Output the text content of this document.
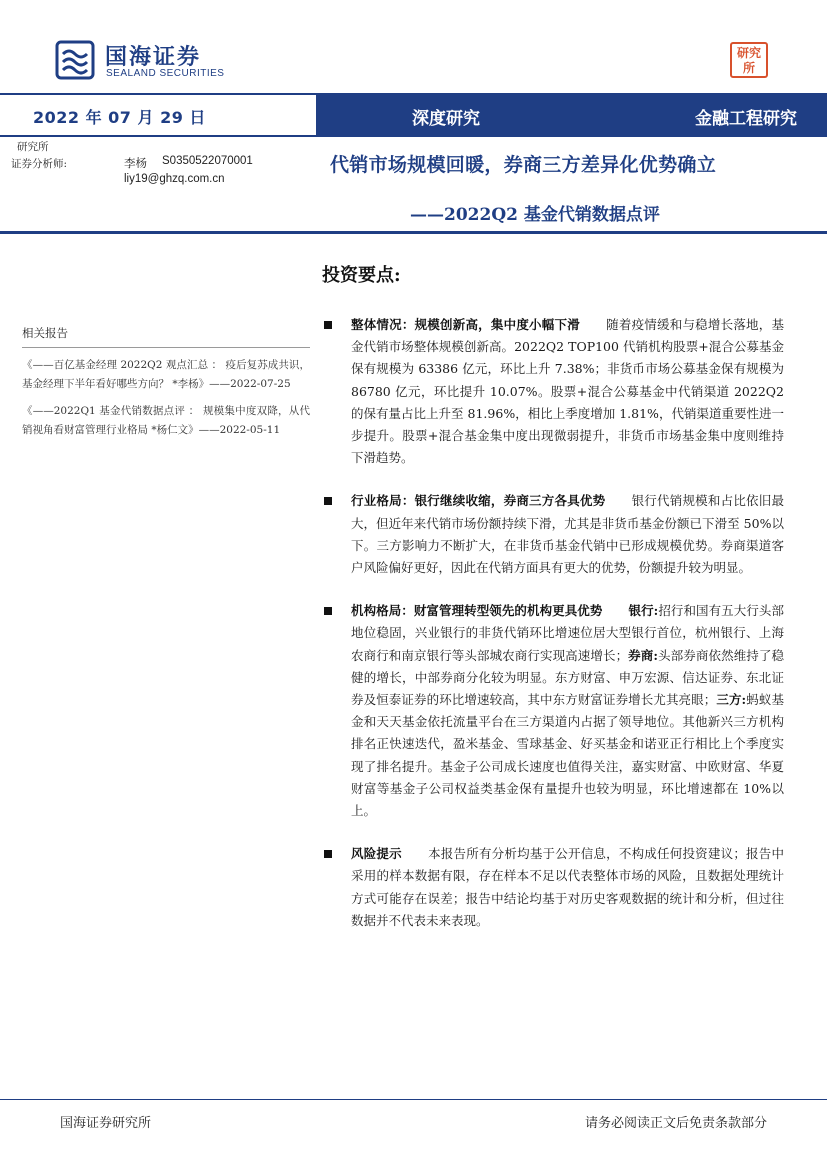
国海证券
SEALAND SECURITIES
研究所
2022 年 07 月 29 日	深度研究	金融工程研究
研究所
证券分析师:	李杨 S0350522070001
liy19@ghzq.com.cn
代销市场规模回暖，券商三方差异化优势确立
——2022Q2 基金代销数据点评
投资要点:
相关报告
《——百亿基金经理 2022Q2 观点汇总 ： 疫后复苏成共识，基金经理下半年看好哪些方向？ *李杨》——2022-07-25
《——2022Q1 基金代销数据点评 ： 规模集中度双降，从代销视角看财富管理行业格局 *杨仁文》——2022-05-11
整体情况：规模创新高，集中度小幅下滑 随着疫情缓和与稳增长落地，基金代销市场整体规模创新高。2022Q2 TOP100 代销机构股票+混合公募基金保有规模为 63386 亿元，环比上升 7.38%；非货币市场公募基金保有规模为 86780 亿元，环比提升 10.07%。股票+混合公募基金中代销渠道 2022Q2 的保有量占比上升至 81.96%，相比上季度增加 1.81%，代销渠道重要性进一步提升。股票+混合基金集中度出现微弱提升，非货币市场基金集中度则维持下滑趋势。
行业格局：银行继续收缩，券商三方各具优势 银行代销规模和占比依旧最大，但近年来代销市场份额持续下滑，尤其是非货币基金份额已下滑至 50%以下。三方影响力不断扩大，在非货币基金代销中已形成规模优势。券商渠道客户风险偏好更好，因此在代销方面具有更大的优势，份额提升较为明显。
机构格局：财富管理转型领先的机构更具优势 银行:招行和国有五大行头部地位稳固，兴业银行的非货代销环比增速位居大型银行首位，杭州银行、上海农商行和南京银行等头部城农商行实现高速增长；券商:头部券商依然维持了稳健的增长，中部券商分化较为明显。东方财富、申万宏源、信达证券、东北证券及恒泰证券的环比增速较高，其中东方财富证券增长尤其亮眼；三方:蚂蚁基金和天天基金依托流量平台在三方渠道内占据了领导地位。其他新兴三方机构排名正快速迭代，盈米基金、雪球基金、好买基金和诺亚正行相比上个季度实现了排名提升。基金子公司成长速度也值得关注，嘉实财富、中欧财富、华夏财富等基金子公司权益类基金保有量提升也较为明显，环比增速都在 10%以上。
风险提示 本报告所有分析均基于公开信息，不构成任何投资建议；报告中采用的样本数据有限，存在样本不足以代表整体市场的风险，且数据处理统计方式可能存在误差；报告中结论均基于对历史客观数据的统计和分析，但过往数据并不代表未来表现。
国海证券研究所	请务必阅读正文后免责条款部分
